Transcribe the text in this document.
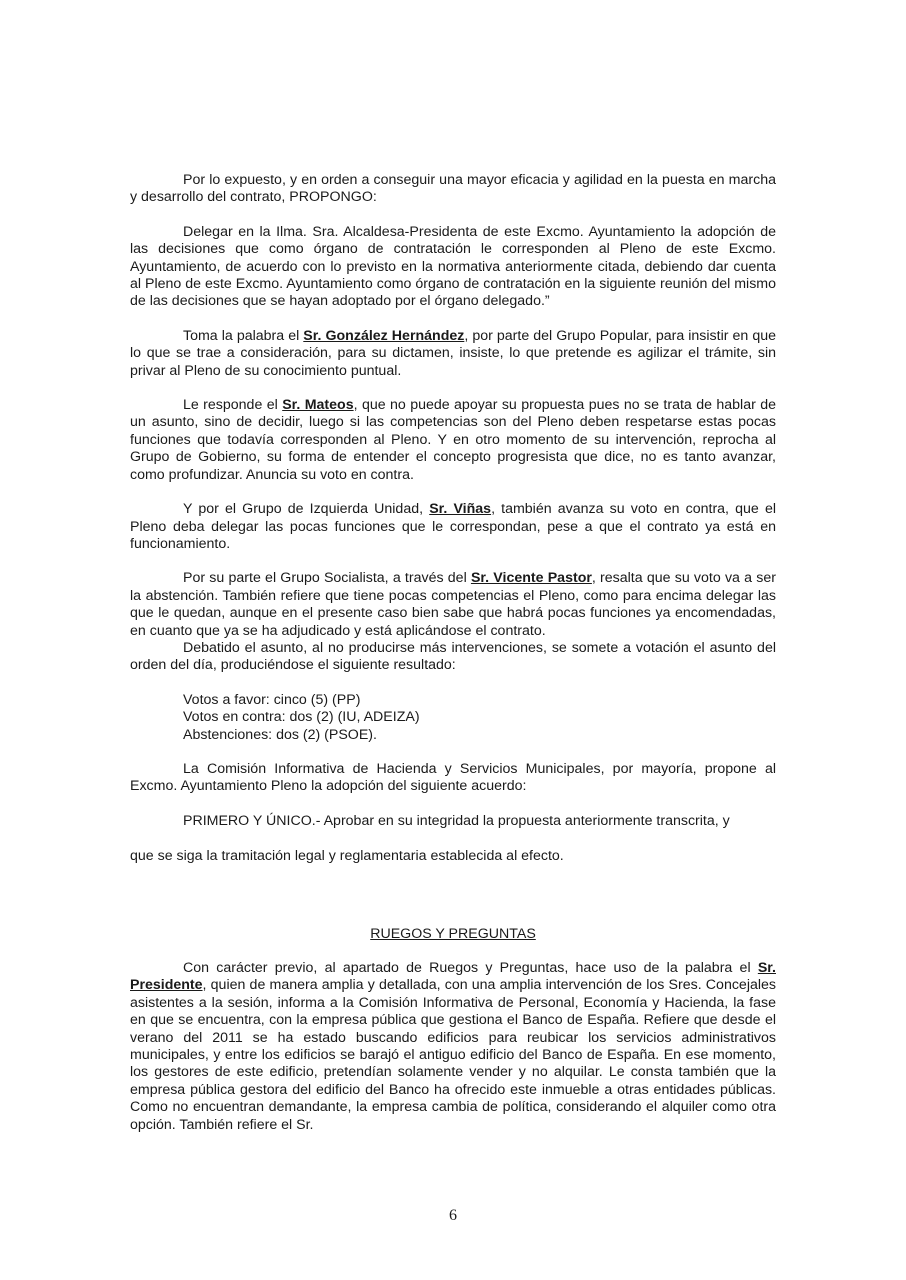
Por lo expuesto, y en orden a conseguir una mayor eficacia y agilidad en la puesta en marcha y desarrollo del contrato, PROPONGO:

Delegar en la Ilma. Sra. Alcaldesa-Presidenta de este Excmo. Ayuntamiento la adopción de las decisiones que como órgano de contratación le corresponden al Pleno de este Excmo. Ayuntamiento, de acuerdo con lo previsto en la normativa anteriormente citada, debiendo dar cuenta al Pleno de este Excmo. Ayuntamiento como órgano de contratación en la siguiente reunión del mismo de las decisiones que se hayan adoptado por el órgano delegado.”

Toma la palabra el Sr. González Hernández, por parte del Grupo Popular, para insistir en que lo que se trae a consideración, para su dictamen, insiste, lo que pretende es agilizar el trámite, sin privar al Pleno de su conocimiento puntual.

Le responde el Sr. Mateos, que no puede apoyar su propuesta pues no se trata de hablar de un asunto, sino de decidir, luego si las competencias son del Pleno deben respetarse estas pocas funciones que todavía corresponden al Pleno. Y en otro momento de su intervención, reprocha al Grupo de Gobierno, su forma de entender el concepto progresista que dice, no es tanto avanzar, como profundizar. Anuncia su voto en contra.

Y por el Grupo de Izquierda Unidad, Sr. Viñas, también avanza su voto en contra, que el Pleno deba delegar las pocas funciones que le correspondan, pese a que el contrato ya está en funcionamiento.

Por su parte el Grupo Socialista, a través del Sr. Vicente Pastor, resalta que su voto va a ser la abstención. También refiere que tiene pocas competencias el Pleno, como para encima delegar las que le quedan, aunque en el presente caso bien sabe que habrá pocas funciones ya encomendadas, en cuanto que ya se ha adjudicado y está aplicándose el contrato.

Debatido el asunto, al no producirse más intervenciones, se somete a votación el asunto del orden del día, produciéndose el siguiente resultado:

Votos a favor: cinco (5) (PP)
Votos en contra: dos (2) (IU, ADEIZA)
Abstenciones: dos (2) (PSOE).

La Comisión Informativa de Hacienda y Servicios Municipales, por mayoría, propone al Excmo. Ayuntamiento Pleno la adopción del siguiente acuerdo:

PRIMERO Y ÚNICO.- Aprobar en su integridad la propuesta anteriormente transcrita, y

que se siga la tramitación legal y reglamentaria establecida al efecto.

RUEGOS Y PREGUNTAS

Con carácter previo, al apartado de Ruegos y Preguntas, hace uso de la palabra el Sr. Presidente, quien de manera amplia y detallada, con una amplia intervención de los Sres. Concejales asistentes a la sesión, informa a la Comisión Informativa de Personal, Economía y Hacienda, la fase en que se encuentra, con la empresa pública que gestiona el Banco de España. Refiere que desde el verano del 2011 se ha estado buscando edificios para reubicar los servicios administrativos municipales, y entre los edificios se barajó el antiguo edificio del Banco de España. En ese momento, los gestores de este edificio, pretendían solamente vender y no alquilar. Le consta también que la empresa pública gestora del edificio del Banco ha ofrecido este inmueble a otras entidades públicas. Como no encuentran demandante, la empresa cambia de política, considerando el alquiler como otra opción. También refiere el Sr.

6
